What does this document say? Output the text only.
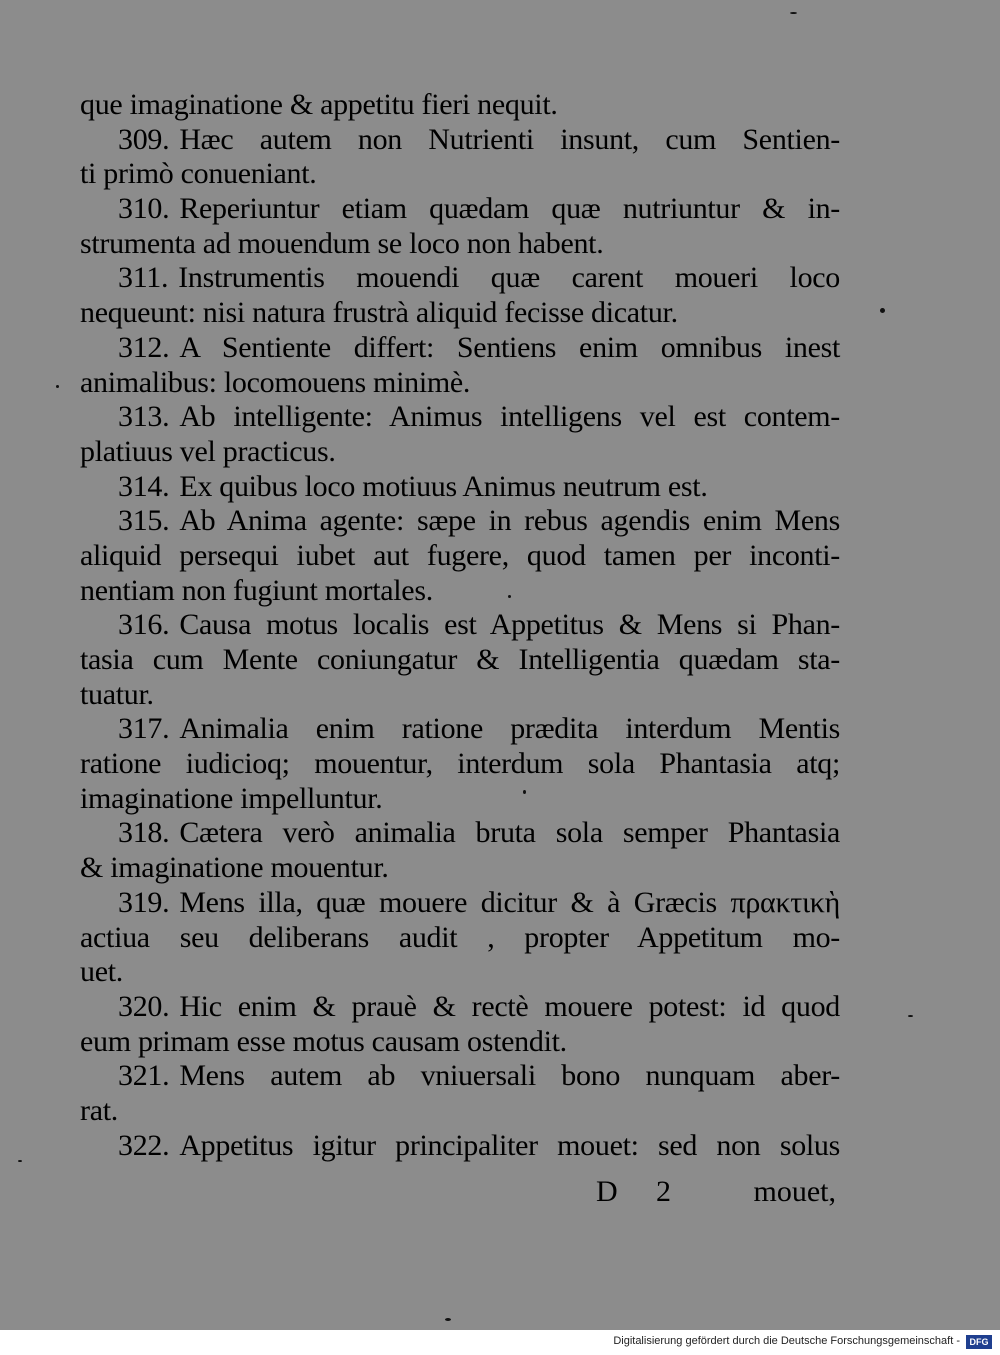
que imaginatione & appetitu fieri nequit.
309. Hæc autem non Nutrienti insunt, cum Sentien-
ti primò conueniant.
310. Reperiuntur etiam quædam quæ nutriuntur & in-
strumenta ad mouendum se loco non habent.
311. Instrumentis mouendi quæ carent moueri loco
nequeunt: nisi natura frustrà aliquid fecisse dicatur.
312. A Sentiente differt: Sentiens enim omnibus inest
animalibus: locomouens minimè.
313. Ab intelligente: Animus intelligens vel est contem-
platiuus vel practicus.
314. Ex quibus loco motiuus Animus neutrum est.
315. Ab Anima agente: sæpe in rebus agendis enim Mens
aliquid persequi iubet aut fugere, quod tamen per inconti-
nentiam non fugiunt mortales.
316. Causa motus localis est Appetitus & Mens si Phan-
tasia cum Mente coniungatur & Intelligentia quædam sta-
tuatur.
317. Animalia enim ratione prædita interdum Mentis
ratione iudicioq; mouentur, interdum sola Phantasia atq;
imaginatione impelluntur.
318. Cætera verò animalia bruta sola semper Phantasia
& imaginatione mouentur.
319. Mens illa, quæ mouere dicitur & à Græcis πρακτικὴ
actiua seu deliberans audit , propter Appetitum mo-
uet.
320. Hic enim & prauè & rectè mouere potest: id quod
eum primam esse motus causam ostendit.
321. Mens autem ab vniuersali bono nunquam aber-
rat.
322. Appetitus igitur principaliter mouet: sed non solus
D 2	mouet,
Digitalisierung gefördert durch die Deutsche Forschungsgemeinschaft -	DFG
